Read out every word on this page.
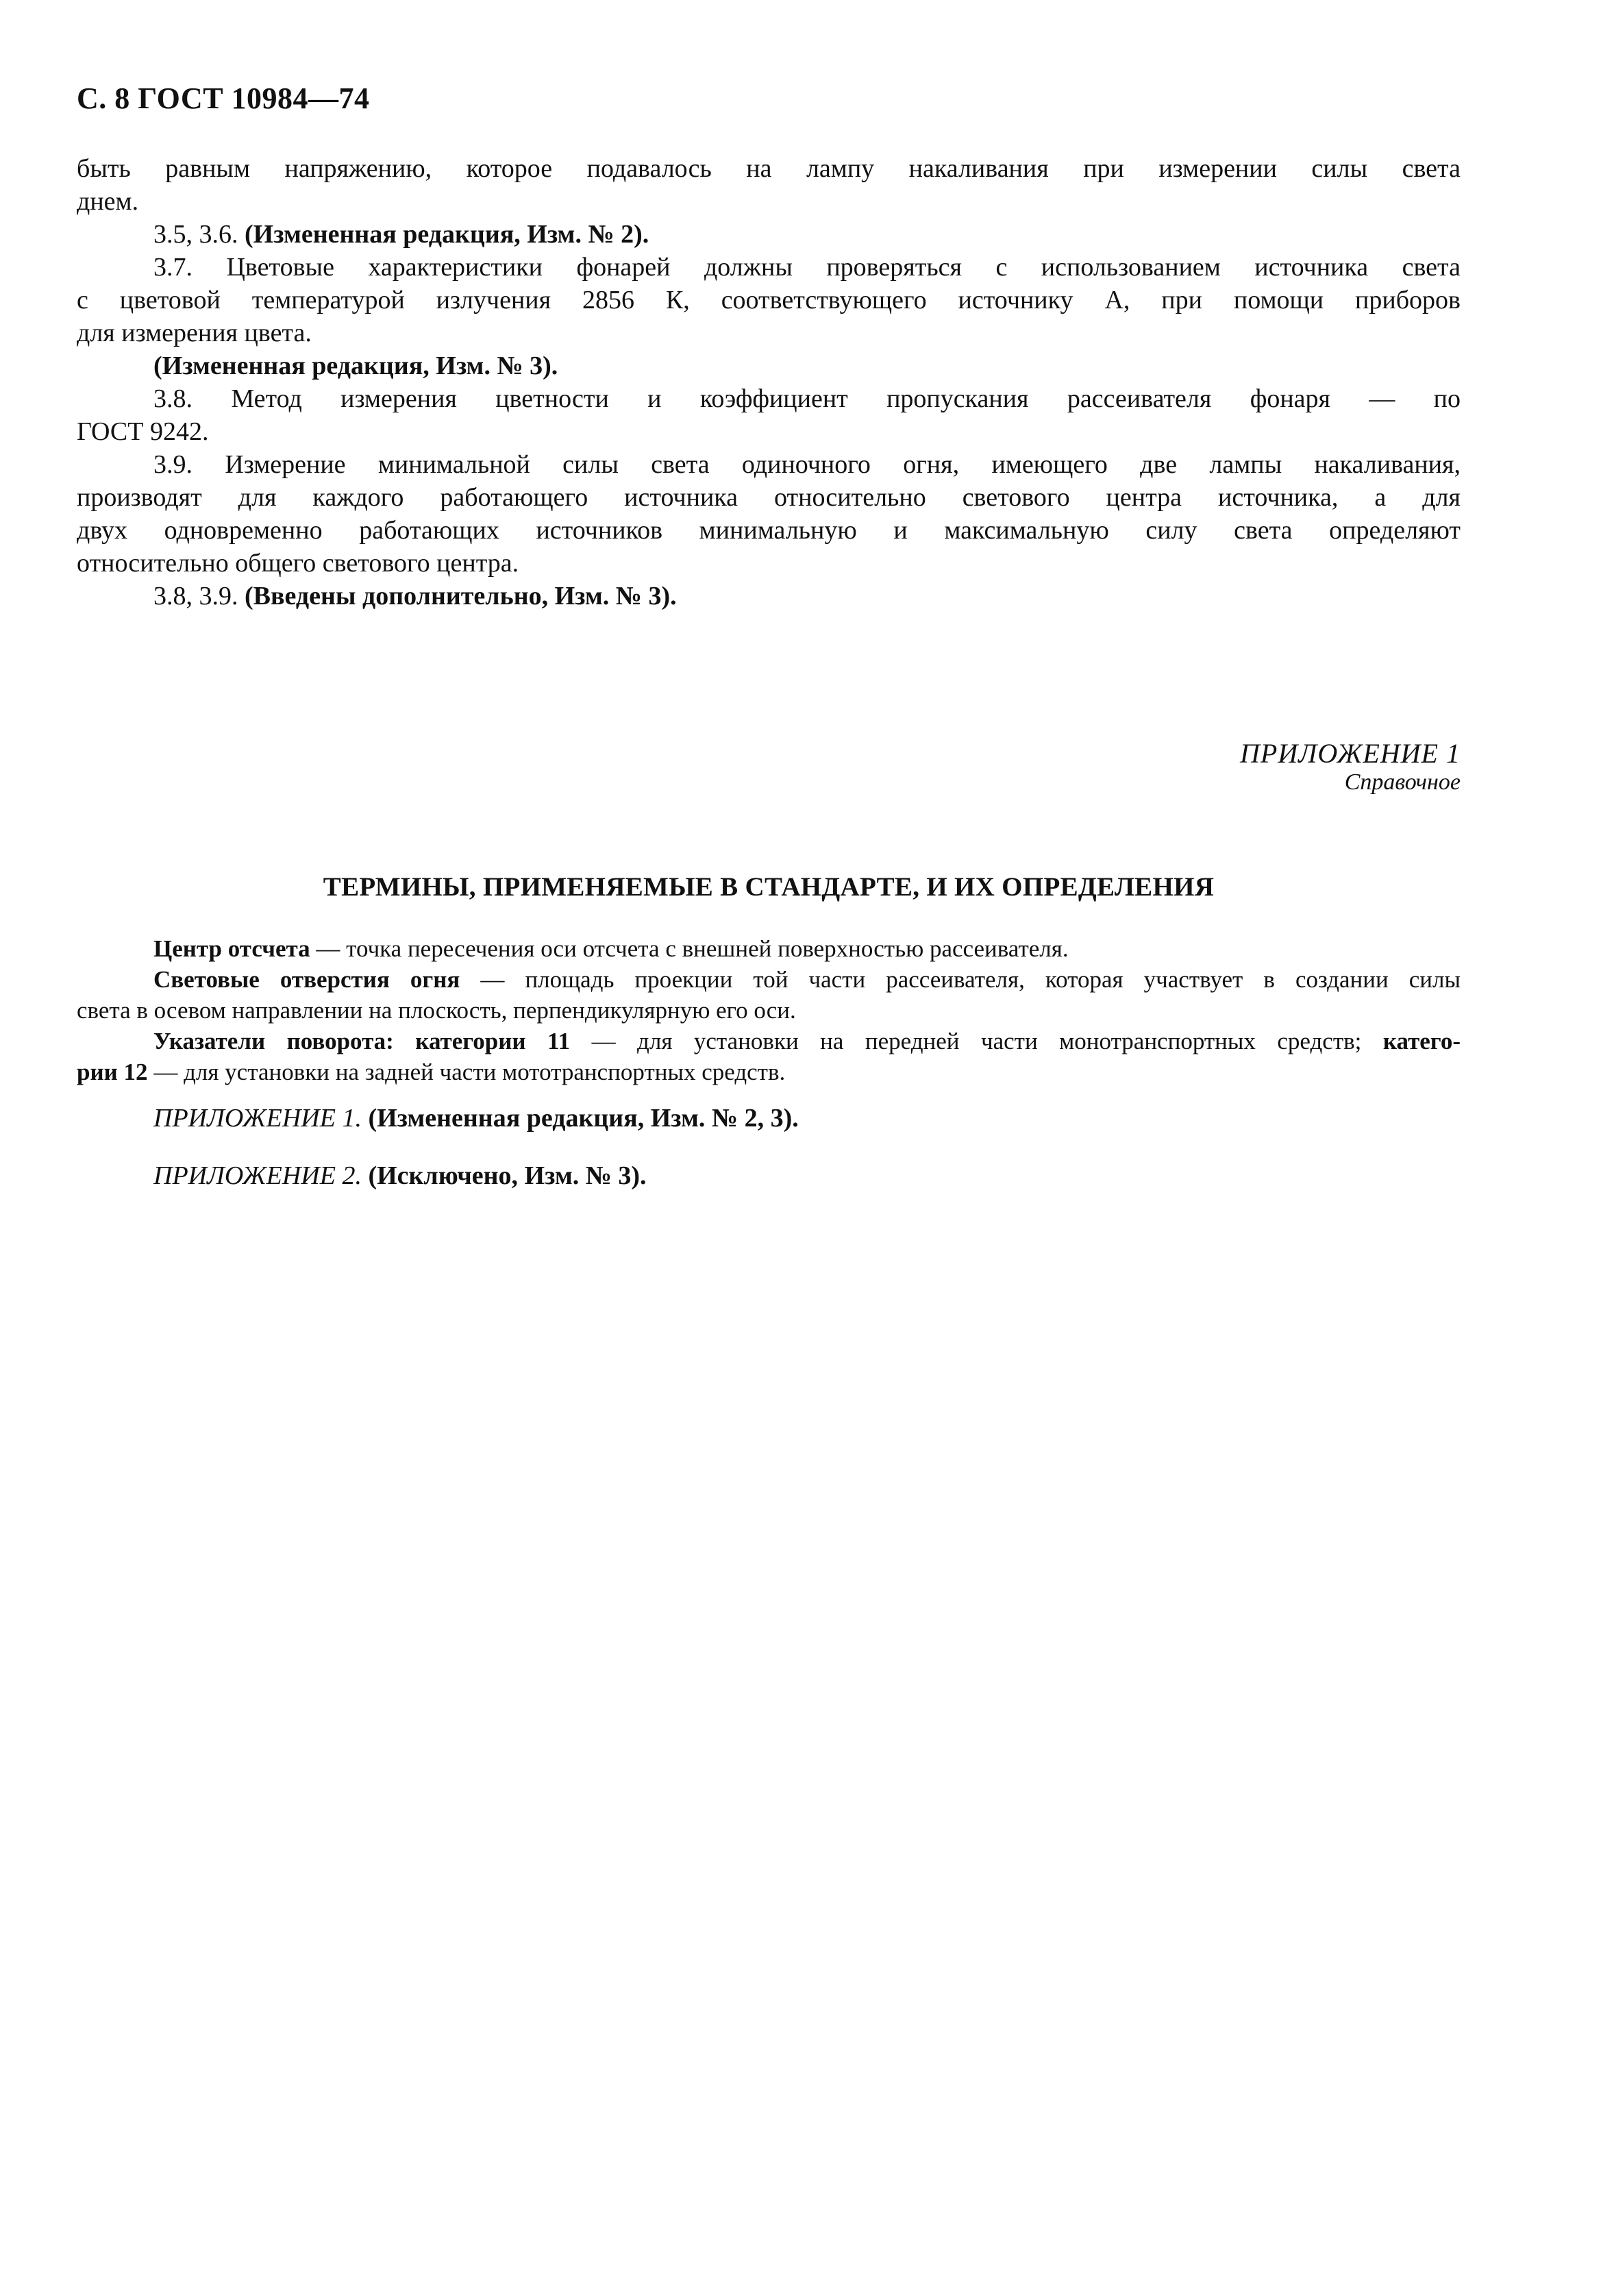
С. 8 ГОСТ 10984—74
быть равным напряжению, которое подавалось на лампу накаливания при измерении силы света
днем.
3.5, 3.6. (Измененная редакция, Изм. № 2).
3.7. Цветовые характеристики фонарей должны проверяться с использованием источника света
с цветовой температурой излучения 2856 К, соответствующего источнику А, при помощи приборов
для измерения цвета.
(Измененная редакция, Изм. № 3).
3.8. Метод измерения цветности и коэффициент пропускания рассеивателя фонаря — по
ГОСТ 9242.
3.9. Измерение минимальной силы света одиночного огня, имеющего две лампы накаливания,
производят для каждого работающего источника относительно светового центра источника, а для
двух одновременно работающих источников минимальную и максимальную силу света определяют
относительно общего светового центра.
3.8, 3.9. (Введены дополнительно, Изм. № 3).
ПРИЛОЖЕНИЕ 1
Справочное
ТЕРМИНЫ, ПРИМЕНЯЕМЫЕ В СТАНДАРТЕ, И ИХ ОПРЕДЕЛЕНИЯ
Центр отсчета — точка пересечения оси отсчета с внешней поверхностью рассеивателя.
Световые отверстия огня — площадь проекции той части рассеивателя, которая участвует в создании силы
света в осевом направлении на плоскость, перпендикулярную его оси.
Указатели поворота: категории 11 — для установки на передней части монотранспортных средств; катего-
рии 12 — для установки на задней части мототранспортных средств.
ПРИЛОЖЕНИЕ 1. (Измененная редакция, Изм. № 2, 3).
ПРИЛОЖЕНИЕ 2. (Исключено, Изм. № 3).
